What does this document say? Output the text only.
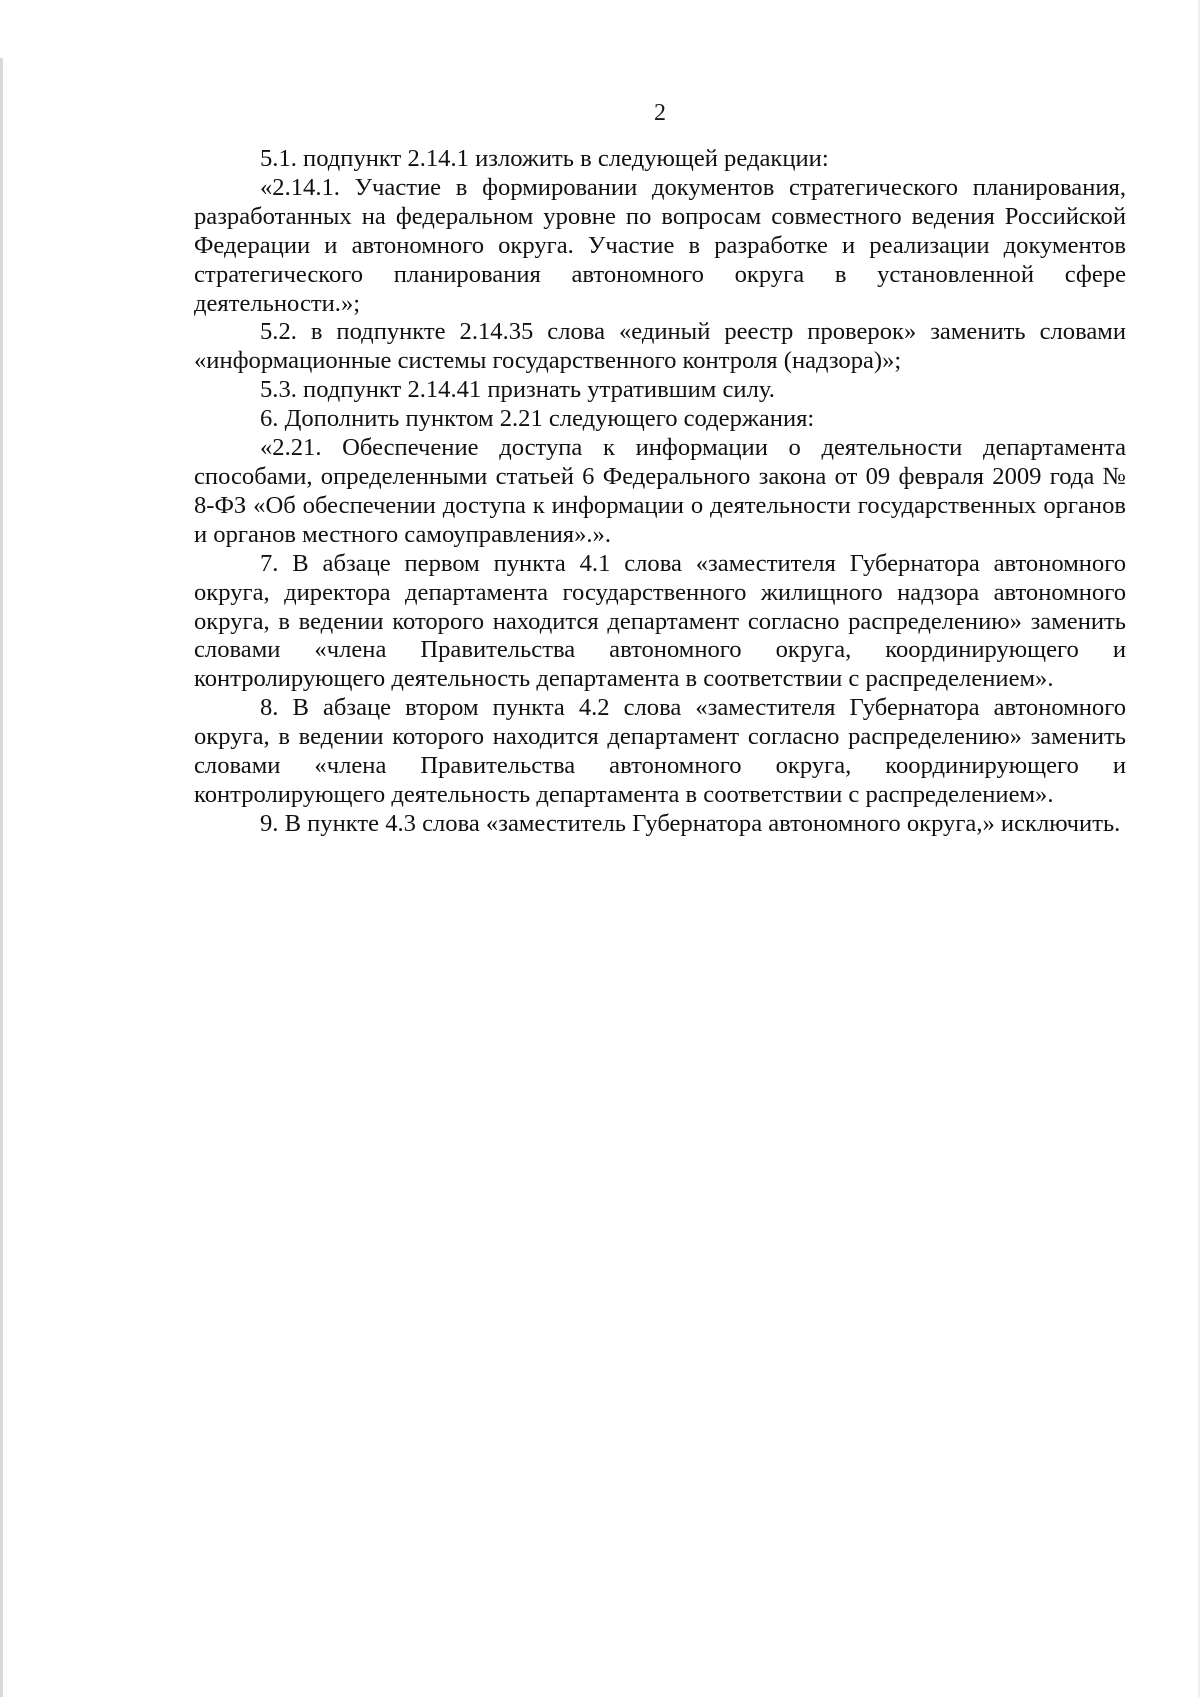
2

5.1. подпункт 2.14.1 изложить в следующей редакции:

«2.14.1. Участие в формировании документов стратегического планирования, разработанных на федеральном уровне по вопросам совместного ведения Российской Федерации и автономного округа. Участие в разработке и реализации документов стратегического планирования автономного округа в установленной сфере деятельности.»;

5.2. в подпункте 2.14.35 слова «единый реестр проверок» заменить словами «информационные системы государственного контроля (надзора)»;

5.3. подпункт 2.14.41 признать утратившим силу.

6. Дополнить пунктом 2.21 следующего содержания:

«2.21. Обеспечение доступа к информации о деятельности департамента способами, определенными статьей 6 Федерального закона от 09 февраля 2009 года № 8-ФЗ «Об обеспечении доступа к информации о деятельности государственных органов и органов местного самоуправления».».

7. В абзаце первом пункта 4.1 слова «заместителя Губернатора автономного округа, директора департамента государственного жилищного надзора автономного округа, в ведении которого находится департамент согласно распределению» заменить словами «члена Правительства автономного округа, координирующего и контролирующего деятельность департамента в соответствии с распределением».

8. В абзаце втором пункта 4.2 слова «заместителя Губернатора автономного округа, в ведении которого находится департамент согласно распределению» заменить словами «члена Правительства автономного округа, координирующего и контролирующего деятельность департамента в соответствии с распределением».

9. В пункте 4.3 слова «заместитель Губернатора автономного округа,» исключить.
